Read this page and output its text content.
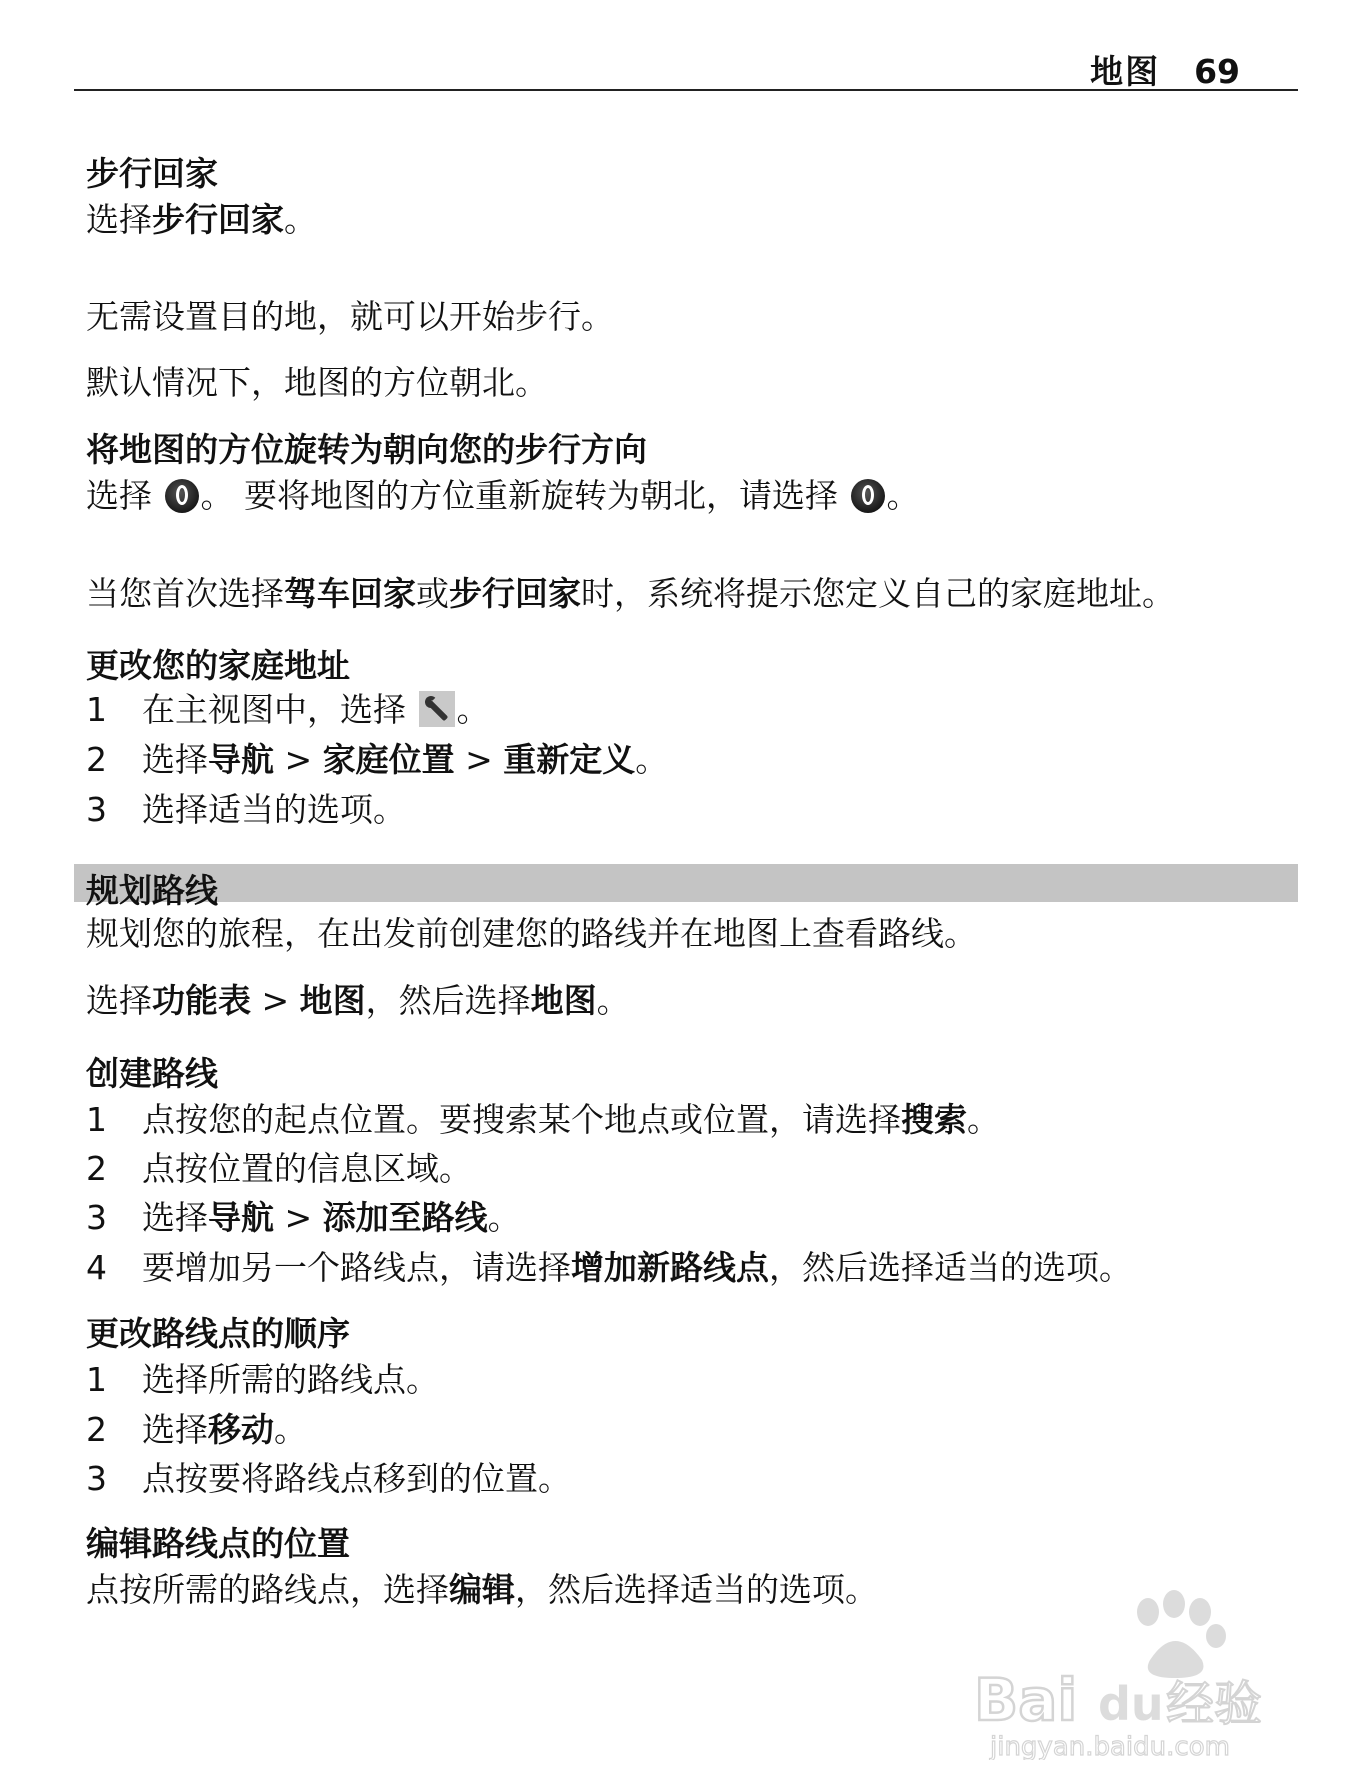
地图 69
步行回家
选择步行回家。
无需设置目的地，就可以开始步行。
默认情况下，地图的方位朝北。
将地图的方位旋转为朝向您的步行方向
选择 。 要将地图的方位重新旋转为朝北，请选择 。
当您首次选择驾车回家或步行回家时，系统将提示您定义自己的家庭地址。
更改您的家庭地址
1 在主视图中，选择 。
2 选择导航 > 家庭位置 > 重新定义。
3 选择适当的选项。
规划路线
规划您的旅程，在出发前创建您的路线并在地图上查看路线。
选择功能表 > 地图，然后选择地图。
创建路线
1 点按您的起点位置。要搜索某个地点或位置，请选择搜索。
2 点按位置的信息区域。
3 选择导航 > 添加至路线。
4 要增加另一个路线点，请选择增加新路线点，然后选择适当的选项。
更改路线点的顺序
1 选择所需的路线点。
2 选择移动。
3 点按要将路线点移到的位置。
编辑路线点的位置
点按所需的路线点，选择编辑，然后选择适当的选项。
Bai du 经验
jingyan.baidu.com
